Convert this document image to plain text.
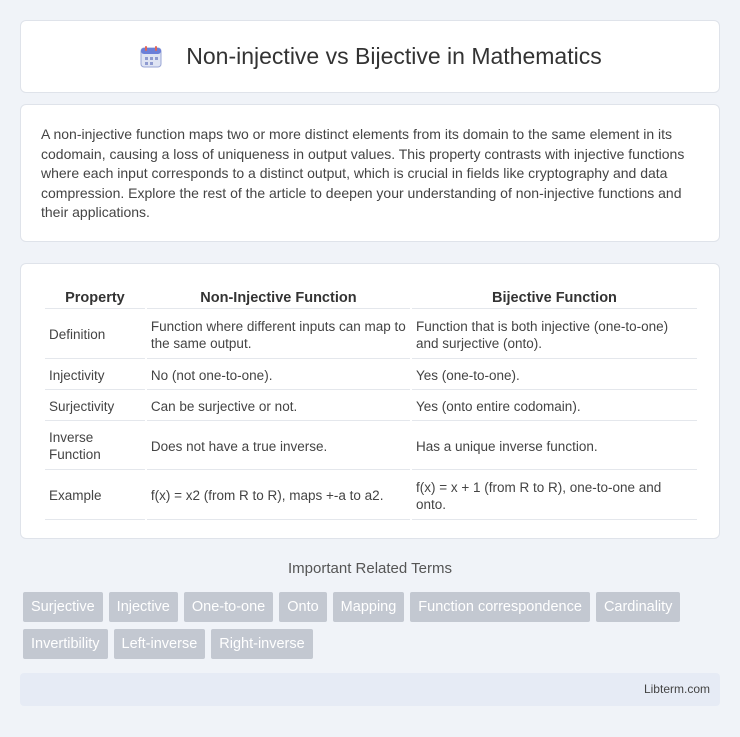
Non-injective vs Bijective in Mathematics

A non-injective function maps two or more distinct elements from its domain to the same element in its codomain, causing a loss of uniqueness in output values. This property contrasts with injective functions where each input corresponds to a distinct output, which is crucial in fields like cryptography and data compression. Explore the rest of the article to deepen your understanding of non-injective functions and their applications.

Property	Non-Injective Function	Bijective Function
Definition	Function where different inputs can map to the same output.	Function that is both injective (one-to-one) and surjective (onto).
Injectivity	No (not one-to-one).	Yes (one-to-one).
Surjectivity	Can be surjective or not.	Yes (onto entire codomain).
Inverse Function	Does not have a true inverse.	Has a unique inverse function.
Example	f(x) = x2 (from R to R), maps +-a to a2.	f(x) = x + 1 (from R to R), one-to-one and onto.
Important Related Terms
Surjective	Injective	One-to-one	Onto	Mapping	Function correspondence	Cardinality
Invertibility	Left-inverse	Right-inverse
Libterm.com
